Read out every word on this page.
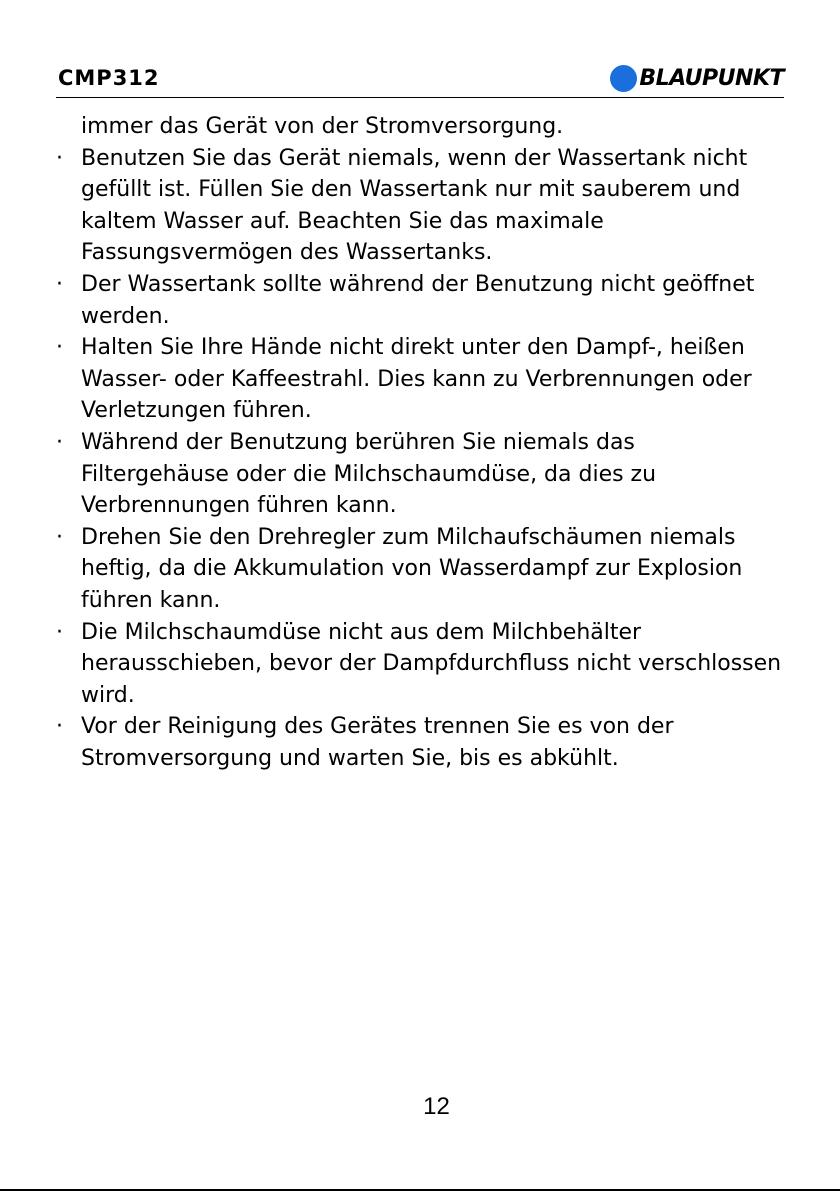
CMP312	BLAUPUNKT
immer das Gerät von der Stromversorgung.
· Benutzen Sie das Gerät niemals, wenn der Wassertank nicht gefüllt ist. Füllen Sie den Wassertank nur mit sauberem und kaltem Wasser auf. Beachten Sie das maximale Fassungsvermögen des Wassertanks.
· Der Wassertank sollte während der Benutzung nicht geöffnet werden.
· Halten Sie Ihre Hände nicht direkt unter den Dampf-, heißen Wasser- oder Kaffeestrahl. Dies kann zu Verbrennungen oder Verletzungen führen.
· Während der Benutzung berühren Sie niemals das Filtergehäuse oder die Milchschaumdüse, da dies zu Verbrennungen führen kann.
· Drehen Sie den Drehregler zum Milchaufschäumen niemals heftig, da die Akkumulation von Wasserdampf zur Explosion führen kann.
· Die Milchschaumdüse nicht aus dem Milchbehälter herausschieben, bevor der Dampfdurchfluss nicht verschlossen wird.
· Vor der Reinigung des Gerätes trennen Sie es von der Stromversorgung und warten Sie, bis es abkühlt.
12
